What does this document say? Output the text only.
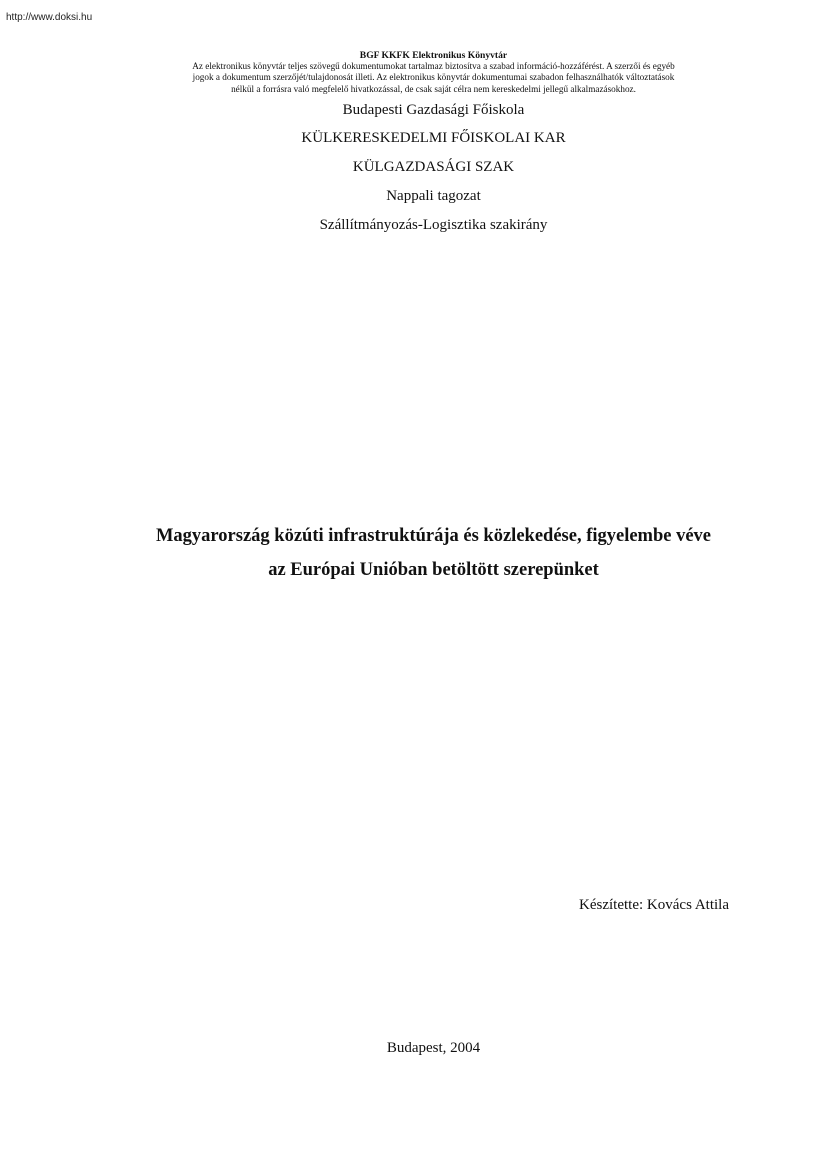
http://www.doksi.hu
BGF KKFK Elektronikus Könyvtár
Az elektronikus könyvtár teljes szövegű dokumentumokat tartalmaz biztosítva a szabad információ-hozzáférést. A szerzői és egyéb
jogok a dokumentum szerzőjét/tulajdonosát illeti. Az elektronikus könyvtár dokumentumai szabadon felhasználhatók változtatások
nélkül a forrásra való megfelelő hivatkozással, de csak saját célra nem kereskedelmi jellegű alkalmazásokhoz.
Budapesti Gazdasági Főiskola
KÜLKERESKEDELMI FŐISKOLAI KAR
KÜLGAZDASÁGI SZAK
Nappali tagozat
Szállítmányozás-Logisztika szakirány
Magyarország közúti infrastruktúrája és közlekedése, figyelembe véve
az Európai Unióban betöltött szerepünket
Készítette: Kovács Attila
Budapest, 2004
